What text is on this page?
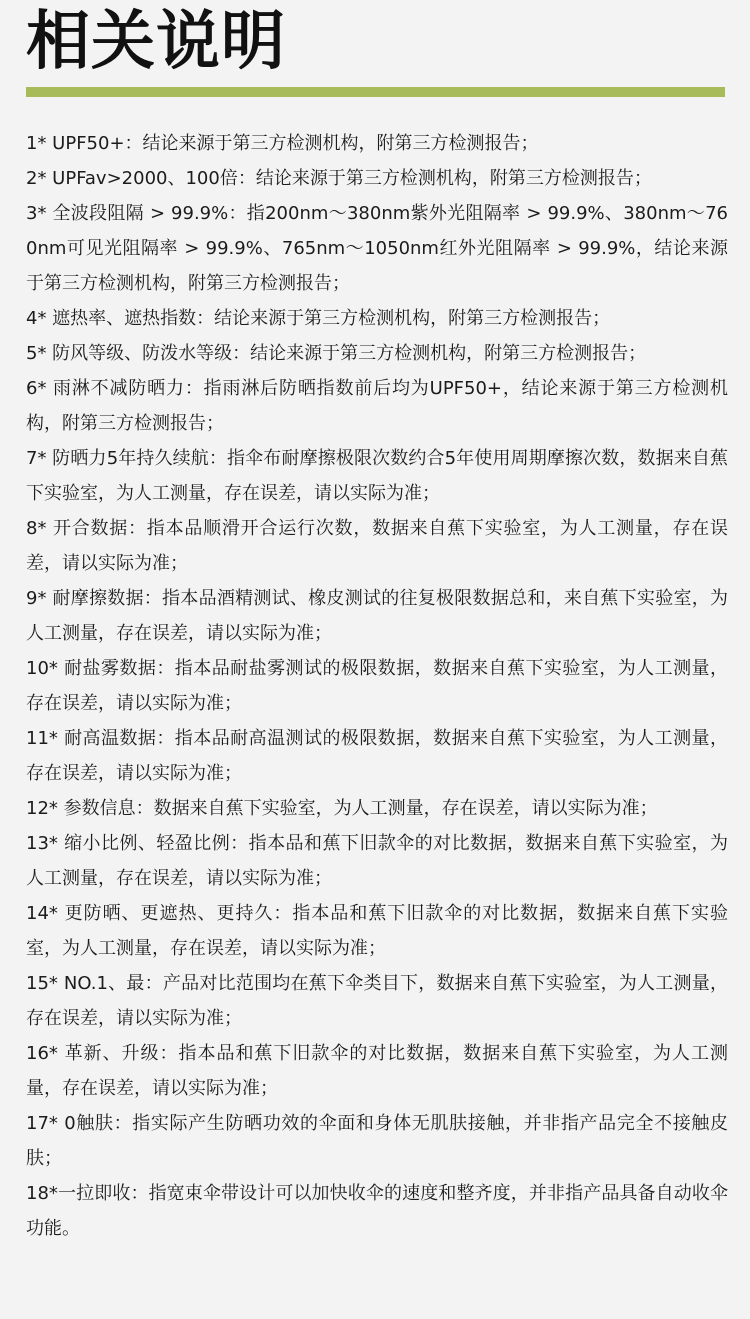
相关说明
1* UPF50+：结论来源于第三方检测机构，附第三方检测报告；
2* UPFav>2000、100倍：结论来源于第三方检测机构，附第三方检测报告；
3* 全波段阻隔 > 99.9%：指200nm～380nm紫外光阻隔率 > 99.9%、380nm～760nm可见光阻隔率 > 99.9%、765nm～1050nm红外光阻隔率 > 99.9%，结论来源于第三方检测机构，附第三方检测报告；
4* 遮热率、遮热指数：结论来源于第三方检测机构，附第三方检测报告；
5* 防风等级、防泼水等级：结论来源于第三方检测机构，附第三方检测报告；
6* 雨淋不减防晒力：指雨淋后防晒指数前后均为UPF50+，结论来源于第三方检测机构，附第三方检测报告；
7* 防晒力5年持久续航：指伞布耐摩擦极限次数约合5年使用周期摩擦次数，数据来自蕉下实验室，为人工测量，存在误差，请以实际为准；
8* 开合数据：指本品顺滑开合运行次数，数据来自蕉下实验室，为人工测量，存在误差，请以实际为准；
9* 耐摩擦数据：指本品酒精测试、橡皮测试的往复极限数据总和，来自蕉下实验室，为人工测量，存在误差，请以实际为准；
10* 耐盐雾数据：指本品耐盐雾测试的极限数据，数据来自蕉下实验室，为人工测量，存在误差，请以实际为准；
11* 耐高温数据：指本品耐高温测试的极限数据，数据来自蕉下实验室，为人工测量，存在误差，请以实际为准；
12* 参数信息：数据来自蕉下实验室，为人工测量，存在误差，请以实际为准；
13* 缩小比例、轻盈比例：指本品和蕉下旧款伞的对比数据，数据来自蕉下实验室，为人工测量，存在误差，请以实际为准；
14* 更防晒、更遮热、更持久：指本品和蕉下旧款伞的对比数据，数据来自蕉下实验室，为人工测量，存在误差，请以实际为准；
15* NO.1、最：产品对比范围均在蕉下伞类目下，数据来自蕉下实验室，为人工测量，存在误差，请以实际为准；
16* 革新、升级：指本品和蕉下旧款伞的对比数据，数据来自蕉下实验室，为人工测量，存在误差，请以实际为准；
17* 0触肤：指实际产生防晒功效的伞面和身体无肌肤接触，并非指产品完全不接触皮肤；
18*一拉即收：指宽束伞带设计可以加快收伞的速度和整齐度，并非指产品具备自动收伞功能。
